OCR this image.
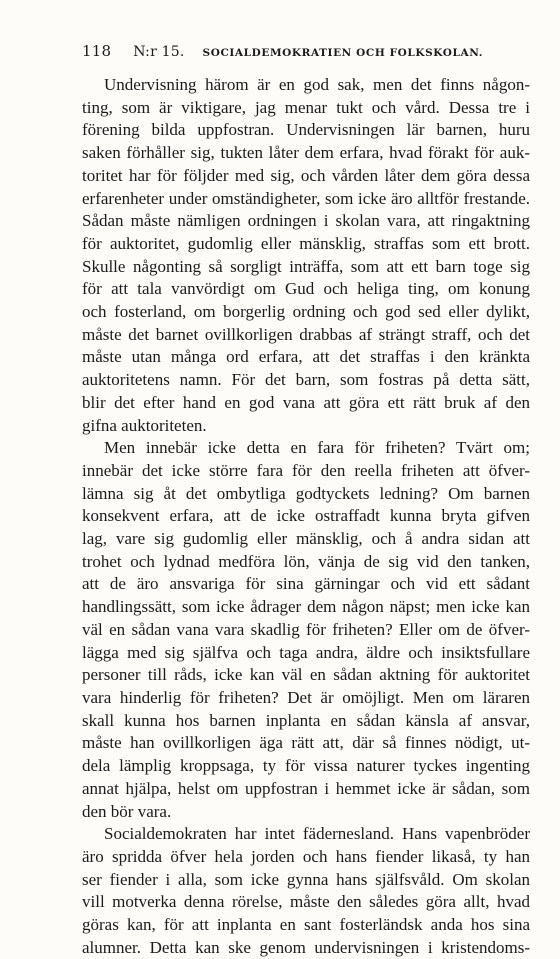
118 N:r 15. SOCIALDEMOKRATIEN OCH FOLKSKOLAN.
Undervisning härom är en god sak, men det finns någon-
ting, som är viktigare, jag menar tukt och vård. Dessa tre i
förening bilda uppfostran. Undervisningen lär barnen, huru
saken förhåller sig, tukten låter dem erfara, hvad förakt för auk-
toritet har för följder med sig, och vården låter dem göra dessa
erfarenheter under omständigheter, som icke äro alltför frestande.
Sådan måste nämligen ordningen i skolan vara, att ringaktning
för auktoritet, gudomlig eller mänsklig, straffas som ett brott.
Skulle någonting så sorgligt inträffa, som att ett barn toge sig
för att tala vanvördigt om Gud och heliga ting, om konung
och fosterland, om borgerlig ordning och god sed eller dylikt,
måste det barnet ovillkorligen drabbas af strängt straff, och det
måste utan många ord erfara, att det straffas i den kränkta
auktoritetens namn. För det barn, som fostras på detta sätt,
blir det efter hand en god vana att göra ett rätt bruk af den
gifna auktoriteten.
Men innebär icke detta en fara för friheten? Tvärt om;
innebär det icke större fara för den reella friheten att öfver-
lämna sig åt det ombytliga godtyckets ledning? Om barnen
konsekvent erfara, att de icke ostraffadt kunna bryta gifven
lag, vare sig gudomlig eller mänsklig, och å andra sidan att
trohet och lydnad medföra lön, vänja de sig vid den tanken,
att de äro ansvariga för sina gärningar och vid ett sådant
handlingssätt, som icke ådrager dem någon näpst; men icke kan
väl en sådan vana vara skadlig för friheten? Eller om de öfver-
lägga med sig själfva och taga andra, äldre och insiktsfullare
personer till råds, icke kan väl en sådan aktning för auktoritet
vara hinderlig för friheten? Det är omöjligt. Men om läraren
skall kunna hos barnen inplanta en sådan känsla af ansvar,
måste han ovillkorligen äga rätt att, där så finnes nödigt, ut-
dela lämplig kroppsaga, ty för vissa naturer tyckes ingenting
annat hjälpa, helst om uppfostran i hemmet icke är sådan, som
den bör vara.
Socialdemokraten har intet fädernesland. Hans vapenbröder
äro spridda öfver hela jorden och hans fiender likaså, ty han
ser fiender i alla, som icke gynna hans själfsvåld. Om skolan
vill motverka denna rörelse, måste den således göra allt, hvad
göras kan, för att inplanta en sant fosterländsk anda hos sina
alumner. Detta kan ske genom undervisningen i kristendoms-
